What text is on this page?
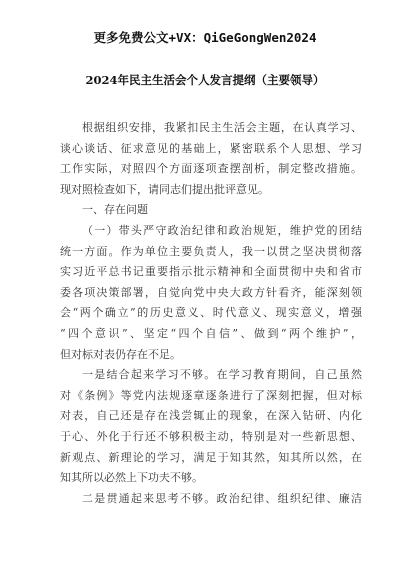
更多免费公文+VX：QiGeGongWen2024
2024年民主生活会个人发言提纲（主要领导）
根据组织安排，我紧扣民主生活会主题，在认真学习、
谈心谈话、征求意见的基础上，紧密联系个人思想、学习
工作实际，对照四个方面逐项查摆剖析，制定整改措施。
现对照检查如下，请同志们提出批评意见。
一、存在问题
（一）带头严守政治纪律和政治规矩，维护党的团结
统一方面。作为单位主要负责人，我一以贯之坚决贯彻落
实习近平总书记重要指示批示精神和全面贯彻中央和省市
委各项决策部署，自觉向党中央大政方针看齐，能深刻领
会“两个确立”的历史意义、时代意义、现实意义，增强
“四个意识”、坚定“四个自信”、做到“两个维护”，
但对标对表仍存在不足。
一是结合起来学习不够。在学习教育期间，自己虽然
对《条例》等党内法规逐章逐条进行了深刻把握，但对标
对表，自己还是存在浅尝辄止的现象，在深入钻研、内化
于心、外化于行还不够积极主动，特别是对一些新思想、
新观点、新理论的学习，满足于知其然，知其所以然，在
知其所以必然上下功夫不够。
二是贯通起来思考不够。政治纪律、组织纪律、廉洁
